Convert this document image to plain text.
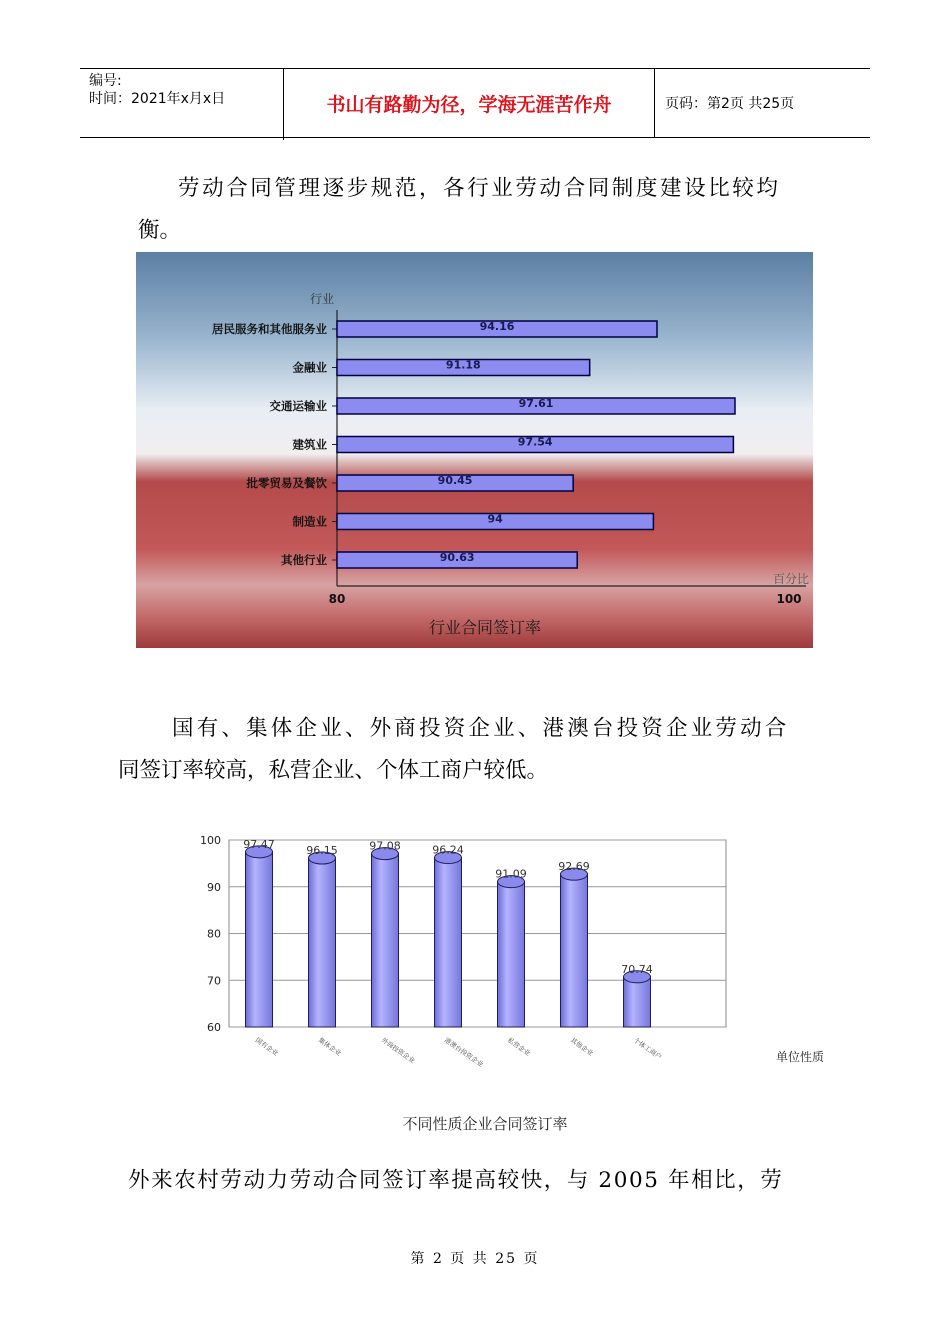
编号:
时间：2021年x月x日	书山有路勤为径，学海无涯苦作舟	页码：第2页 共25页
劳动合同管理逐步规范，各行业劳动合同制度建设比较均
衡。
行业
百分比
80	100
行业合同签订率
居民服务和其他服务业	94.16
金融业	91.18
交通运输业	97.61
建筑业	97.54
批零贸易及餐饮	90.45
制造业	94
其他行业	90.63
国有、集体企业、外商投资企业、港澳台投资企业劳动合
同签订率较高，私营企业、个体工商户较低。
60
70
80
90
100 97.47
国有企业
96.15
集体企业
97.08
外商投资企业
96.24
港澳台投资企业
91.09
私营企业
92.69
其他企业
70.74
个体工商户	单位性质
不同性质企业合同签订率
外来农村劳动力劳动合同签订率提高较快，与 2005 年相比，劳
第 2 页 共 25 页
